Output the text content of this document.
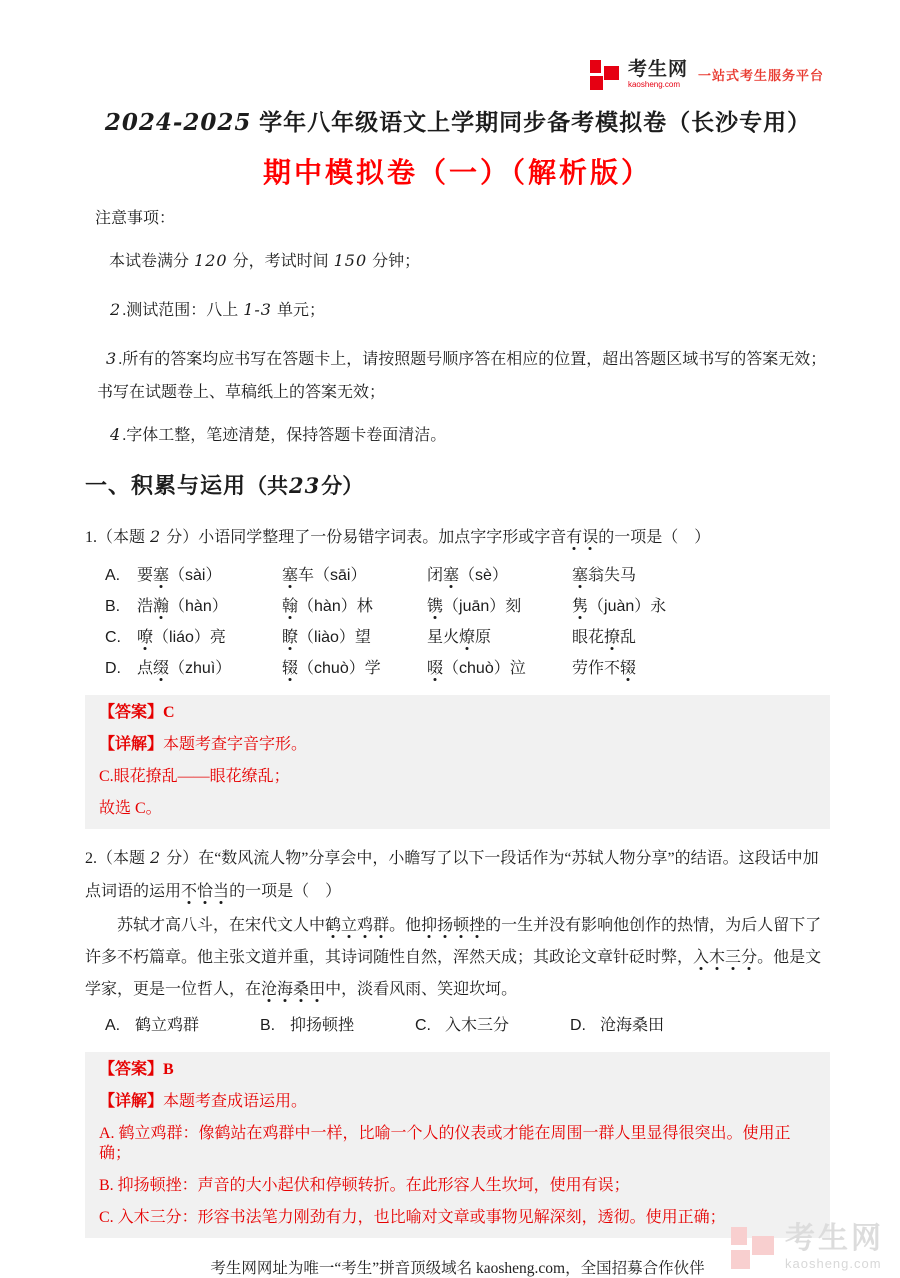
考生网
kaosheng.com
一站式考生服务平台
2024-2025 学年八年级语文上学期同步备考模拟卷（长沙专用）
期中模拟卷（一）（解析版）
注意事项：

本试卷满分 120 分，考试时间 150 分钟；

2.测试范围：八上 1-3 单元；

3.所有的答案均应书写在答题卡上，请按照题号顺序答在相应的位置，超出答题区域书写的答案无效；

书写在试题卷上、草稿纸上的答案无效；

4.字体工整，笔迹清楚，保持答题卡卷面清洁。

一、积累与运用（共23分）

1.（本题 2 分）小语同学整理了一份易错字词表。加点字字形或字音有误的一项是（　）

A.	要塞（sài）	塞车（sāi）	闭塞（sè）	塞翁失马
B.	浩瀚（hàn）	翰（hàn）林	镌（juān）刻	隽（juàn）永
C.	嘹（liáo）亮	瞭（liào）望	星火燎原	眼花撩乱
D.	点缀（zhuì）	辍（chuò）学	啜（chuò）泣	劳作不辍

【答案】C

【详解】本题考查字音字形。

C.眼花撩乱——眼花缭乱；

故选 C。

2.（本题 2 分）在“数风流人物”分享会中，小瞻写了以下一段话作为“苏轼人物分享”的结语。这段话中加点词语的运用不恰当的一项是（　）

苏轼才高八斗，在宋代文人中鹤立鸡群。他抑扬顿挫的一生并没有影响他创作的热情，为后人留下了许多不朽篇章。他主张文道并重，其诗词随性自然，浑然天成；其政论文章针砭时弊，入木三分。他是文学家，更是一位哲人，在沧海桑田中，淡看风雨、笑迎坎坷。

A. 鹤立鸡群	B. 抑扬顿挫	C. 入木三分	D. 沧海桑田

【答案】B

【详解】本题考查成语运用。

A. 鹤立鸡群：像鹤站在鸡群中一样，比喻一个人的仪表或才能在周围一群人里显得很突出。使用正确；

B. 抑扬顿挫：声音的大小起伏和停顿转折。在此形容人生坎坷，使用有误；

C. 入木三分：形容书法笔力刚劲有力，也比喻对文章或事物见解深刻，透彻。使用正确；

考生网网址为唯一“考生”拼音顶级域名 kaosheng.com，全国招募合作伙伴
考生网
kaosheng.com
